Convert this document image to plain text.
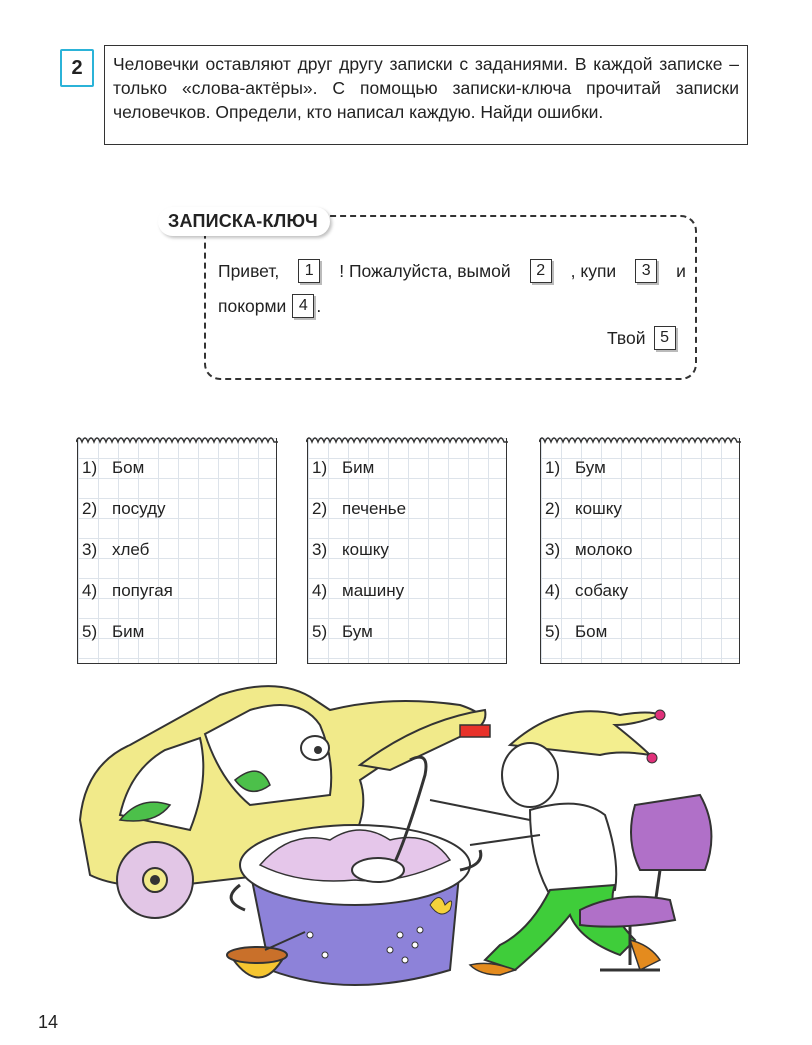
2	Человечки оставляют друг другу записки с заданиями. В каждой записке – только «слова-актёры». С помощью записки-ключа прочитай записки человечков. Определи, кто написал каждую. Найди ошибки.
ЗАПИСКА-КЛЮЧ
Привет,	1	! Пожалуйста, вымой	2	, купи	3	и
покорми 4 .
Твой 5
1) Бом
2) посуду
3) хлеб
4) попугая
5) Бим
1) Бим
2) печенье
3) кошку
4) машину
5) Бум
1) Бум
2) кошку
3) молоко
4) собаку
5) Бом
14
